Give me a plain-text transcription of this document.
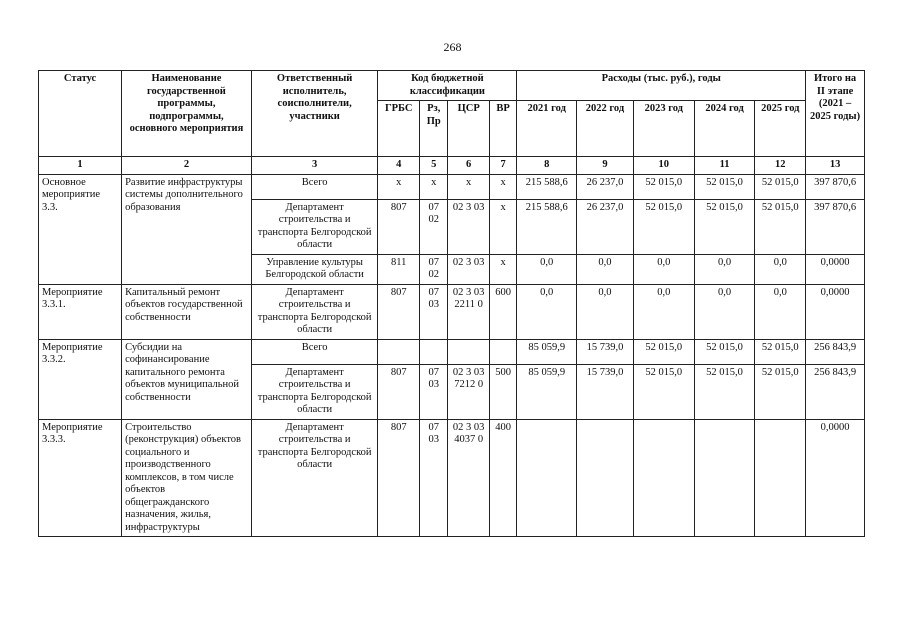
268
Статус	Наименование государственной программы, подпрограммы, основного мероприятия	Ответственный исполнитель, соисполнители, участники	Код бюджетной классификации				Расходы (тыс. руб.), годы					Итого на II этапе (2021 – 2025 годы)
			ГРБС	Рз, Пр	ЦСР	ВР	2021 год	2022 год	2023 год	2024 год	2025 год	
1	2	3	4	5	6	7	8	9	10	11	12	13
Основное мероприятие 3.3.	Развитие инфраструктуры системы дополнительного образования	Всего	х	х	х	х	215 588,6	26 237,0	52 015,0	52 015,0	52 015,0	397 870,6
		Департамент строительства и транспорта Белгородской области	807	07 02	02 3 03	х	215 588,6	26 237,0	52 015,0	52 015,0	52 015,0	397 870,6
		Управление культуры Белгородской области	811	07 02	02 3 03	х	0,0	0,0	0,0	0,0	0,0	0,0000
Мероприятие 3.3.1.	Капитальный ремонт объектов государственной собственности	Департамент строительства и транспорта Белгородской области	807	07 03	02 3 03 2211 0	600	0,0	0,0	0,0	0,0	0,0	0,0000
Мероприятие 3.3.2.	Субсидии на софинансирование капитального ремонта объектов муниципальной собственности	Всего					85 059,9	15 739,0	52 015,0	52 015,0	52 015,0	256 843,9
		Департамент строительства и транспорта Белгородской области	807	07 03	02 3 03 7212 0	500	85 059,9	15 739,0	52 015,0	52 015,0	52 015,0	256 843,9
Мероприятие 3.3.3.	Строительство (реконструкция) объектов социального и производственного комплексов, в том числе объектов общегражданского назначения, жилья, инфраструктуры	Департамент строительства и транспорта Белгородской области	807	07 03	02 3 03 4037 0	400						0,0000
